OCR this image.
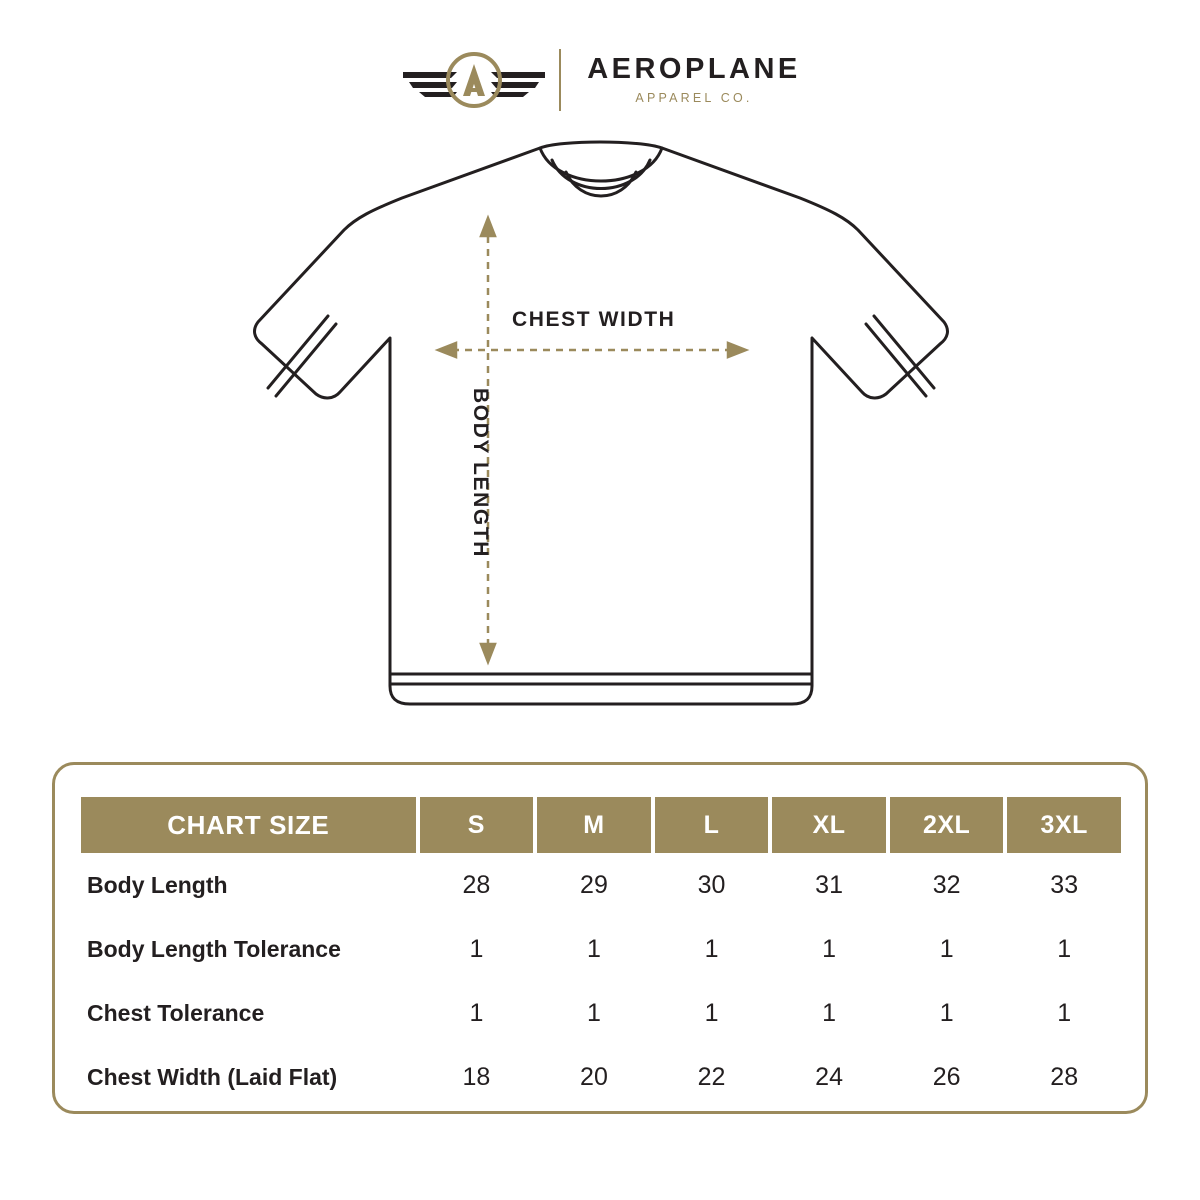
AEROPLANE
APPAREL CO.
CHEST WIDTH
BODY LENGTH
CHART SIZE	S	M	L	XL	2XL	3XL
Body Length	28	29	30	31	32	33
Body Length Tolerance	1	1	1	1	1	1
Chest Tolerance	1	1	1	1	1	1
Chest Width (Laid Flat)	18	20	22	24	26	28
